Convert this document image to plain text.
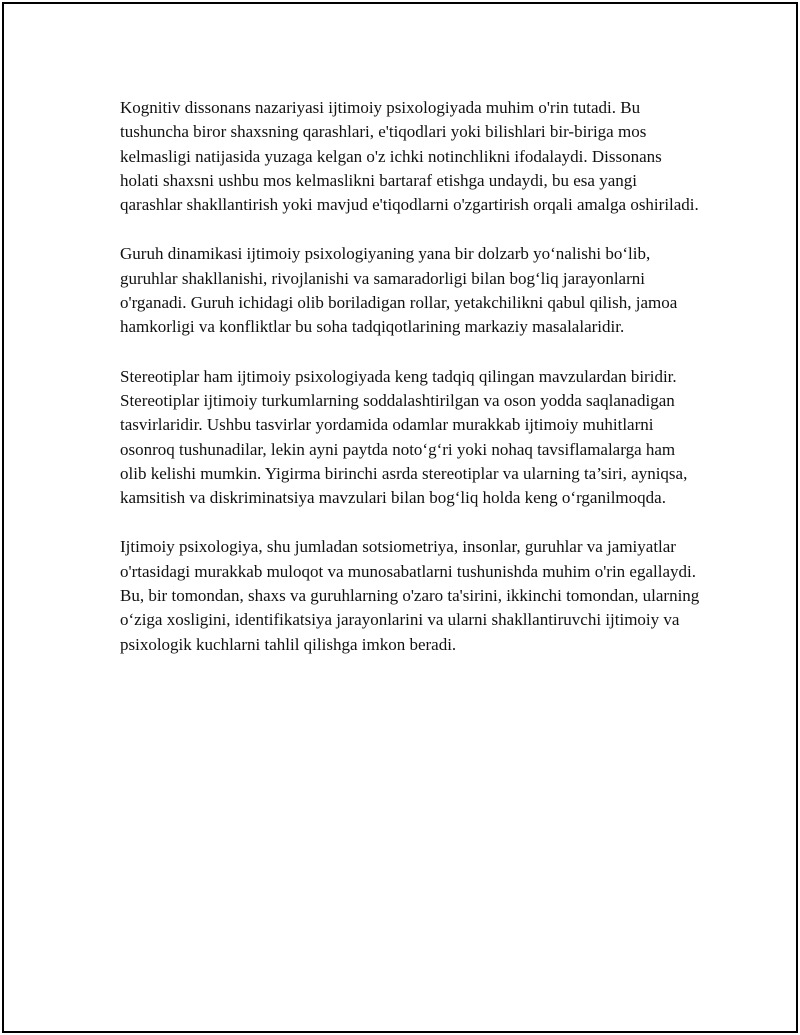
Kognitiv dissonans nazariyasi ijtimoiy psixologiyada muhim o'rin tutadi. Bu tushuncha biror shaxsning qarashlari, e'tiqodlari yoki bilishlari bir-biriga mos kelmasligi natijasida yuzaga kelgan o'z ichki notinchlikni ifodalaydi. Dissonans holati shaxsni ushbu mos kelmaslikni bartaraf etishga undaydi, bu esa yangi qarashlar shakllantirish yoki mavjud e'tiqodlarni o'zgartirish orqali amalga oshiriladi.

Guruh dinamikasi ijtimoiy psixologiyaning yana bir dolzarb yo‘nalishi bo‘lib, guruhlar shakllanishi, rivojlanishi va samaradorligi bilan bog‘liq jarayonlarni o'rganadi. Guruh ichidagi olib boriladigan rollar, yetakchilikni qabul qilish, jamoa hamkorligi va konfliktlar bu soha tadqiqotlarining markaziy masalalaridir.

Stereotiplar ham ijtimoiy psixologiyada keng tadqiq qilingan mavzulardan biridir. Stereotiplar ijtimoiy turkumlarning soddalashtirilgan va oson yodda saqlanadigan tasvirlaridir. Ushbu tasvirlar yordamida odamlar murakkab ijtimoiy muhitlarni osonroq tushunadilar, lekin ayni paytda noto‘g‘ri yoki nohaq tavsiflamalarga ham olib kelishi mumkin. Yigirma birinchi asrda stereotiplar va ularning ta’siri, ayniqsa, kamsitish va diskriminatsiya mavzulari bilan bog‘liq holda keng o‘rganilmoqda.

Ijtimoiy psixologiya, shu jumladan sotsiometriya, insonlar, guruhlar va jamiyatlar o'rtasidagi murakkab muloqot va munosabatlarni tushunishda muhim o'rin egallaydi. Bu, bir tomondan, shaxs va guruhlarning o'zaro ta'sirini, ikkinchi tomondan, ularning o‘ziga xosligini, identifikatsiya jarayonlarini va ularni shakllantiruvchi ijtimoiy va psixologik kuchlarni tahlil qilishga imkon beradi.
